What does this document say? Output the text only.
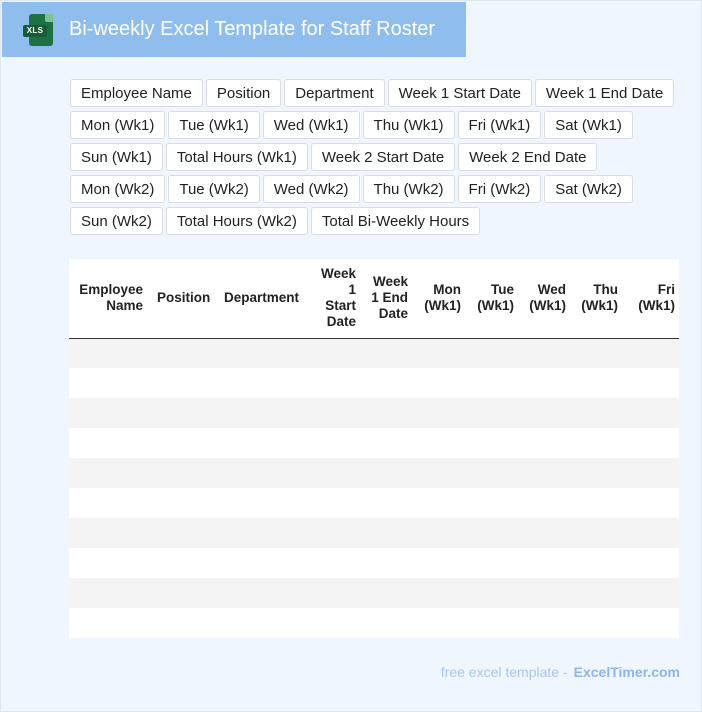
XLS Bi-weekly Excel Template for Staff Roster
Employee Name	Position	Department	Week 1 Start Date	Week 1 End Date
Mon (Wk1)	Tue (Wk1)	Wed (Wk1)	Thu (Wk1)	Fri (Wk1)	Sat (Wk1)
Sun (Wk1)	Total Hours (Wk1)	Week 2 Start Date	Week 2 End Date
Mon (Wk2)	Tue (Wk2)	Wed (Wk2)	Thu (Wk2)	Fri (Wk2)	Sat (Wk2)
Sun (Wk2)	Total Hours (Wk2)	Total Bi-Weekly Hours
Employee Name	Position	Department	Week 1 Start Date	Week 1 End Date	Mon (Wk1)	Tue (Wk1)	Wed (Wk1)	Thu (Wk1)	Fri (Wk1)

free excel template - ExcelTimer.com
